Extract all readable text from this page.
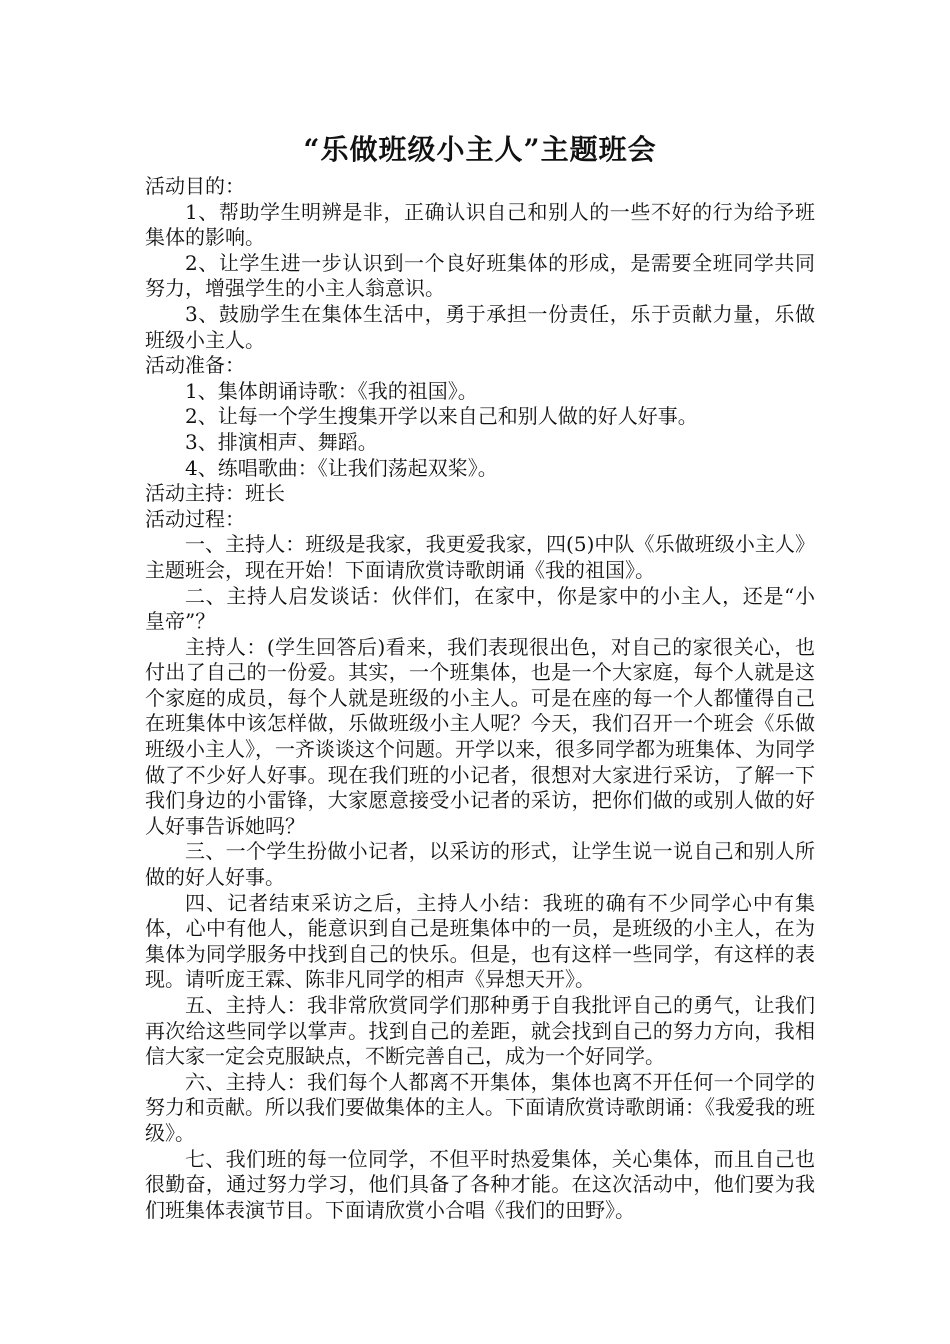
“乐做班级小主人”主题班会

活动目的：

1、帮助学生明辨是非，正确认识自己和别人的一些不好的行为给予班集体的影响。

2、让学生进一步认识到一个良好班集体的形成，是需要全班同学共同努力，增强学生的小主人翁意识。

3、鼓励学生在集体生活中，勇于承担一份责任，乐于贡献力量，乐做班级小主人。

活动准备：

1、集体朗诵诗歌：《我的祖国》。

2、让每一个学生搜集开学以来自己和别人做的好人好事。

3、排演相声、舞蹈。

4、练唱歌曲：《让我们荡起双桨》。

活动主持：班长

活动过程：

一、主持人：班级是我家，我更爱我家，四(5)中队《乐做班级小主人》主题班会，现在开始！下面请欣赏诗歌朗诵《我的祖国》。

二、主持人启发谈话：伙伴们，在家中，你是家中的小主人，还是“小皇帝”？

主持人：(学生回答后)看来，我们表现很出色，对自己的家很关心，也付出了自己的一份爱。其实，一个班集体，也是一个大家庭，每个人就是这个家庭的成员，每个人就是班级的小主人。可是在座的每一个人都懂得自己在班集体中该怎样做，乐做班级小主人呢？今天，我们召开一个班会《乐做班级小主人》，一齐谈谈这个问题。开学以来，很多同学都为班集体、为同学做了不少好人好事。现在我们班的小记者，很想对大家进行采访，了解一下我们身边的小雷锋，大家愿意接受小记者的采访，把你们做的或别人做的好人好事告诉她吗？

三、一个学生扮做小记者，以采访的形式，让学生说一说自己和别人所做的好人好事。

四、记者结束采访之后，主持人小结：我班的确有不少同学心中有集体，心中有他人，能意识到自己是班集体中的一员，是班级的小主人，在为集体为同学服务中找到自己的快乐。但是，也有这样一些同学，有这样的表现。请听庞王霖、陈非凡同学的相声《异想天开》。

五、主持人：我非常欣赏同学们那种勇于自我批评自己的勇气，让我们再次给这些同学以掌声。找到自己的差距，就会找到自己的努力方向，我相信大家一定会克服缺点，不断完善自己，成为一个好同学。

六、主持人：我们每个人都离不开集体，集体也离不开任何一个同学的努力和贡献。所以我们要做集体的主人。下面请欣赏诗歌朗诵：《我爱我的班级》。

七、我们班的每一位同学，不但平时热爱集体，关心集体，而且自己也很勤奋，通过努力学习，他们具备了各种才能。在这次活动中，他们要为我们班集体表演节目。下面请欣赏小合唱《我们的田野》。
